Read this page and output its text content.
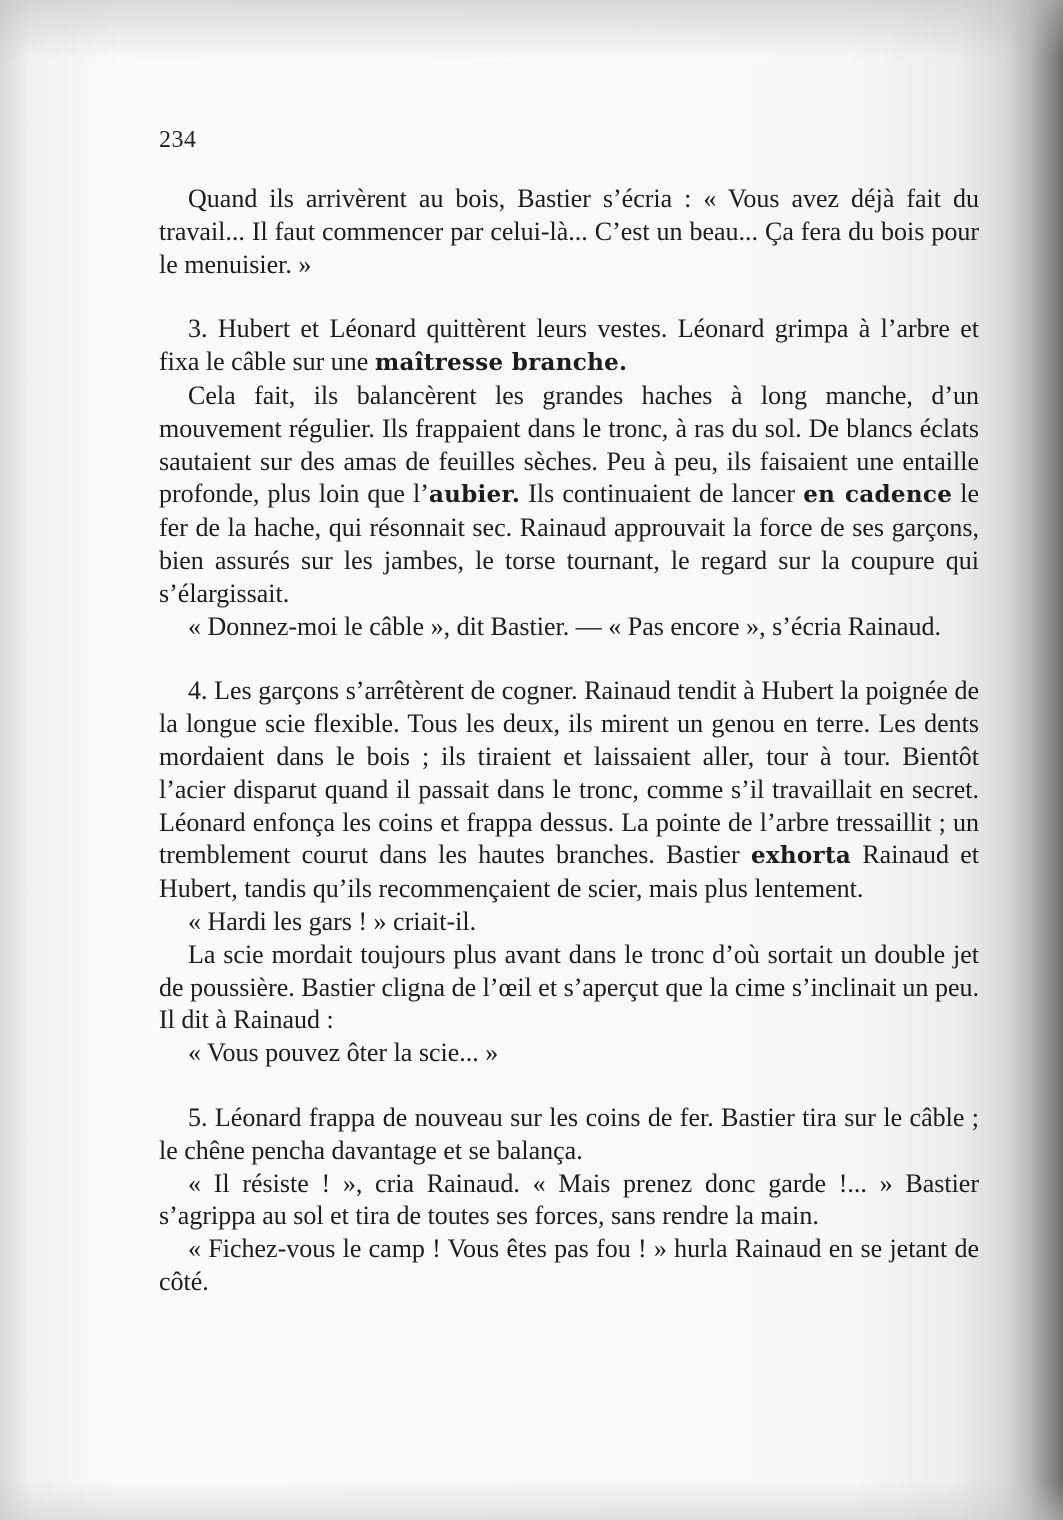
234

Quand ils arrivèrent au bois, Bastier s’écria : « Vous avez déjà fait du travail... Il faut commencer par celui-là... C’est un beau... Ça fera du bois pour le menuisier. »

3. Hubert et Léonard quittèrent leurs vestes. Léonard grimpa à l’arbre et fixa le câble sur une maîtresse branche.

Cela fait, ils balancèrent les grandes haches à long manche, d’un mouvement régulier. Ils frappaient dans le tronc, à ras du sol. De blancs éclats sautaient sur des amas de feuilles sèches. Peu à peu, ils faisaient une entaille profonde, plus loin que l’aubier. Ils continuaient de lancer en cadence le fer de la hache, qui résonnait sec. Rainaud approuvait la force de ses garçons, bien assurés sur les jambes, le torse tournant, le regard sur la coupure qui s’élargissait.

« Donnez-moi le câble », dit Bastier. — « Pas encore », s’écria Rainaud.

4. Les garçons s’arrêtèrent de cogner. Rainaud tendit à Hubert la poignée de la longue scie flexible. Tous les deux, ils mirent un genou en terre. Les dents mordaient dans le bois ; ils tiraient et laissaient aller, tour à tour. Bientôt l’acier disparut quand il passait dans le tronc, comme s’il travaillait en secret. Léonard enfonça les coins et frappa dessus. La pointe de l’arbre tressaillit ; un tremblement courut dans les hautes branches. Bastier exhorta Rainaud et Hubert, tandis qu’ils recommençaient de scier, mais plus lentement.

« Hardi les gars ! » criait-il.

La scie mordait toujours plus avant dans le tronc d’où sortait un double jet de poussière. Bastier cligna de l’œil et s’aperçut que la cime s’inclinait un peu. Il dit à Rainaud :

« Vous pouvez ôter la scie... »

5. Léonard frappa de nouveau sur les coins de fer. Bastier tira sur le câble ; le chêne pencha davantage et se balança.

« Il résiste ! », cria Rainaud. « Mais prenez donc garde !... » Bastier s’agrippa au sol et tira de toutes ses forces, sans rendre la main.

« Fichez-vous le camp ! Vous êtes pas fou ! » hurla Rainaud en se jetant de côté.
